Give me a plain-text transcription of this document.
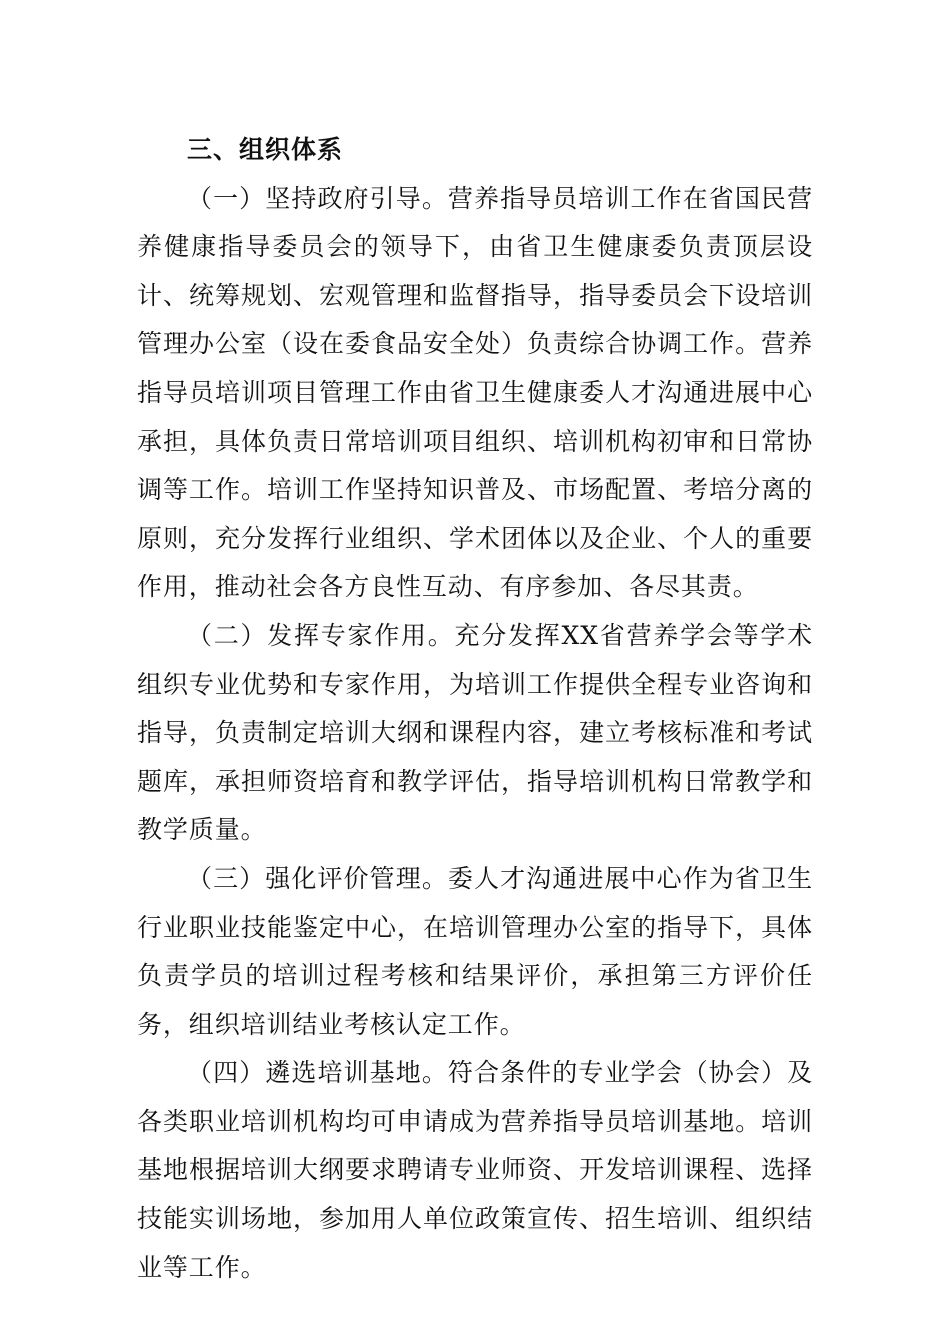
三、组织体系

（一）坚持政府引导。营养指导员培训工作在省国民营养健康指导委员会的领导下，由省卫生健康委负责顶层设计、统筹规划、宏观管理和监督指导，指导委员会下设培训管理办公室（设在委食品安全处）负责综合协调工作。营养指导员培训项目管理工作由省卫生健康委人才沟通进展中心承担，具体负责日常培训项目组织、培训机构初审和日常协调等工作。培训工作坚持知识普及、市场配置、考培分离的原则，充分发挥行业组织、学术团体以及企业、个人的重要作用，推动社会各方良性互动、有序参加、各尽其责。

（二）发挥专家作用。充分发挥XX省营养学会等学术组织专业优势和专家作用，为培训工作提供全程专业咨询和指导，负责制定培训大纲和课程内容，建立考核标准和考试题库，承担师资培育和教学评估，指导培训机构日常教学和教学质量。

（三）强化评价管理。委人才沟通进展中心作为省卫生行业职业技能鉴定中心，在培训管理办公室的指导下，具体负责学员的培训过程考核和结果评价，承担第三方评价任务，组织培训结业考核认定工作。

（四）遴选培训基地。符合条件的专业学会（协会）及各类职业培训机构均可申请成为营养指导员培训基地。培训基地根据培训大纲要求聘请专业师资、开发培训课程、选择技能实训场地，参加用人单位政策宣传、招生培训、组织结业等工作。
